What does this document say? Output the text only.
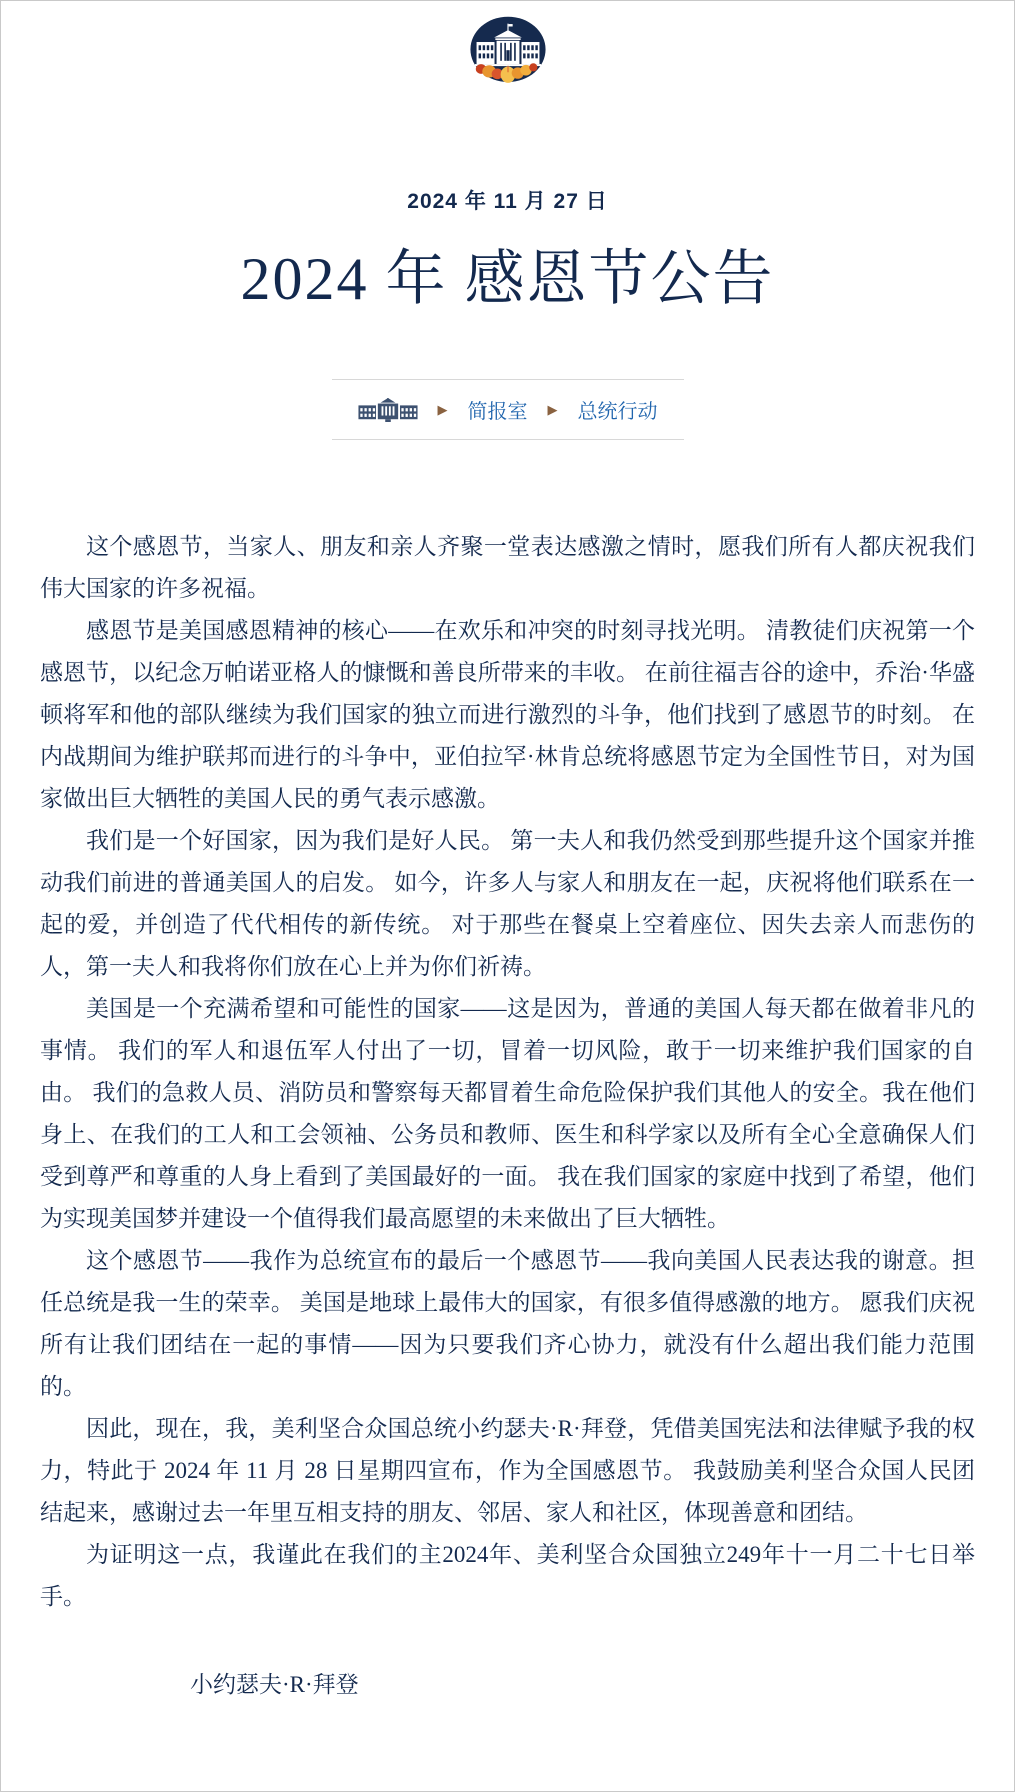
2024 年 11 月 27 日
2024 年 感恩节公告
▶ 简报室 ▶ 总统行动

这个感恩节，当家人、朋友和亲人齐聚一堂表达感激之情时，愿我们所有人都庆祝我们伟大国家的许多祝福。

感恩节是美国感恩精神的核心——在欢乐和冲突的时刻寻找光明。 清教徒们庆祝第一个感恩节，以纪念万帕诺亚格人的慷慨和善良所带来的丰收。 在前往福吉谷的途中，乔治·华盛顿将军和他的部队继续为我们国家的独立而进行激烈的斗争，他们找到了感恩节的时刻。 在内战期间为维护联邦而进行的斗争中，亚伯拉罕·林肯总统将感恩节定为全国性节日，对为国家做出巨大牺牲的美国人民的勇气表示感激。

我们是一个好国家，因为我们是好人民。 第一夫人和我仍然受到那些提升这个国家并推动我们前进的普通美国人的启发。 如今，许多人与家人和朋友在一起，庆祝将他们联系在一起的爱，并创造了代代相传的新传统。 对于那些在餐桌上空着座位、因失去亲人而悲伤的人，第一夫人和我将你们放在心上并为你们祈祷。

美国是一个充满希望和可能性的国家——这是因为，普通的美国人每天都在做着非凡的事情。 我们的军人和退伍军人付出了一切，冒着一切风险，敢于一切来维护我们国家的自由。 我们的急救人员、消防员和警察每天都冒着生命危险保护我们其他人的安全。我在他们身上、在我们的工人和工会领袖、公务员和教师、医生和科学家以及所有全心全意确保人们受到尊严和尊重的人身上看到了美国最好的一面。 我在我们国家的家庭中找到了希望，他们为实现美国梦并建设一个值得我们最高愿望的未来做出了巨大牺牲。

这个感恩节——我作为总统宣布的最后一个感恩节——我向美国人民表达我的谢意。担任总统是我一生的荣幸。 美国是地球上最伟大的国家，有很多值得感激的地方。 愿我们庆祝所有让我们团结在一起的事情——因为只要我们齐心协力，就没有什么超出我们能力范围的。

因此，现在，我，美利坚合众国总统小约瑟夫·R·拜登，凭借美国宪法和法律赋予我的权力，特此于 2024 年 11 月 28 日星期四宣布，作为全国感恩节。 我鼓励美利坚合众国人民团结起来，感谢过去一年里互相支持的朋友、邻居、家人和社区，体现善意和团结。

为证明这一点，我谨此在我们的主2024年、美利坚合众国独立249年十一月二十七日举手。

小约瑟夫·R·拜登
